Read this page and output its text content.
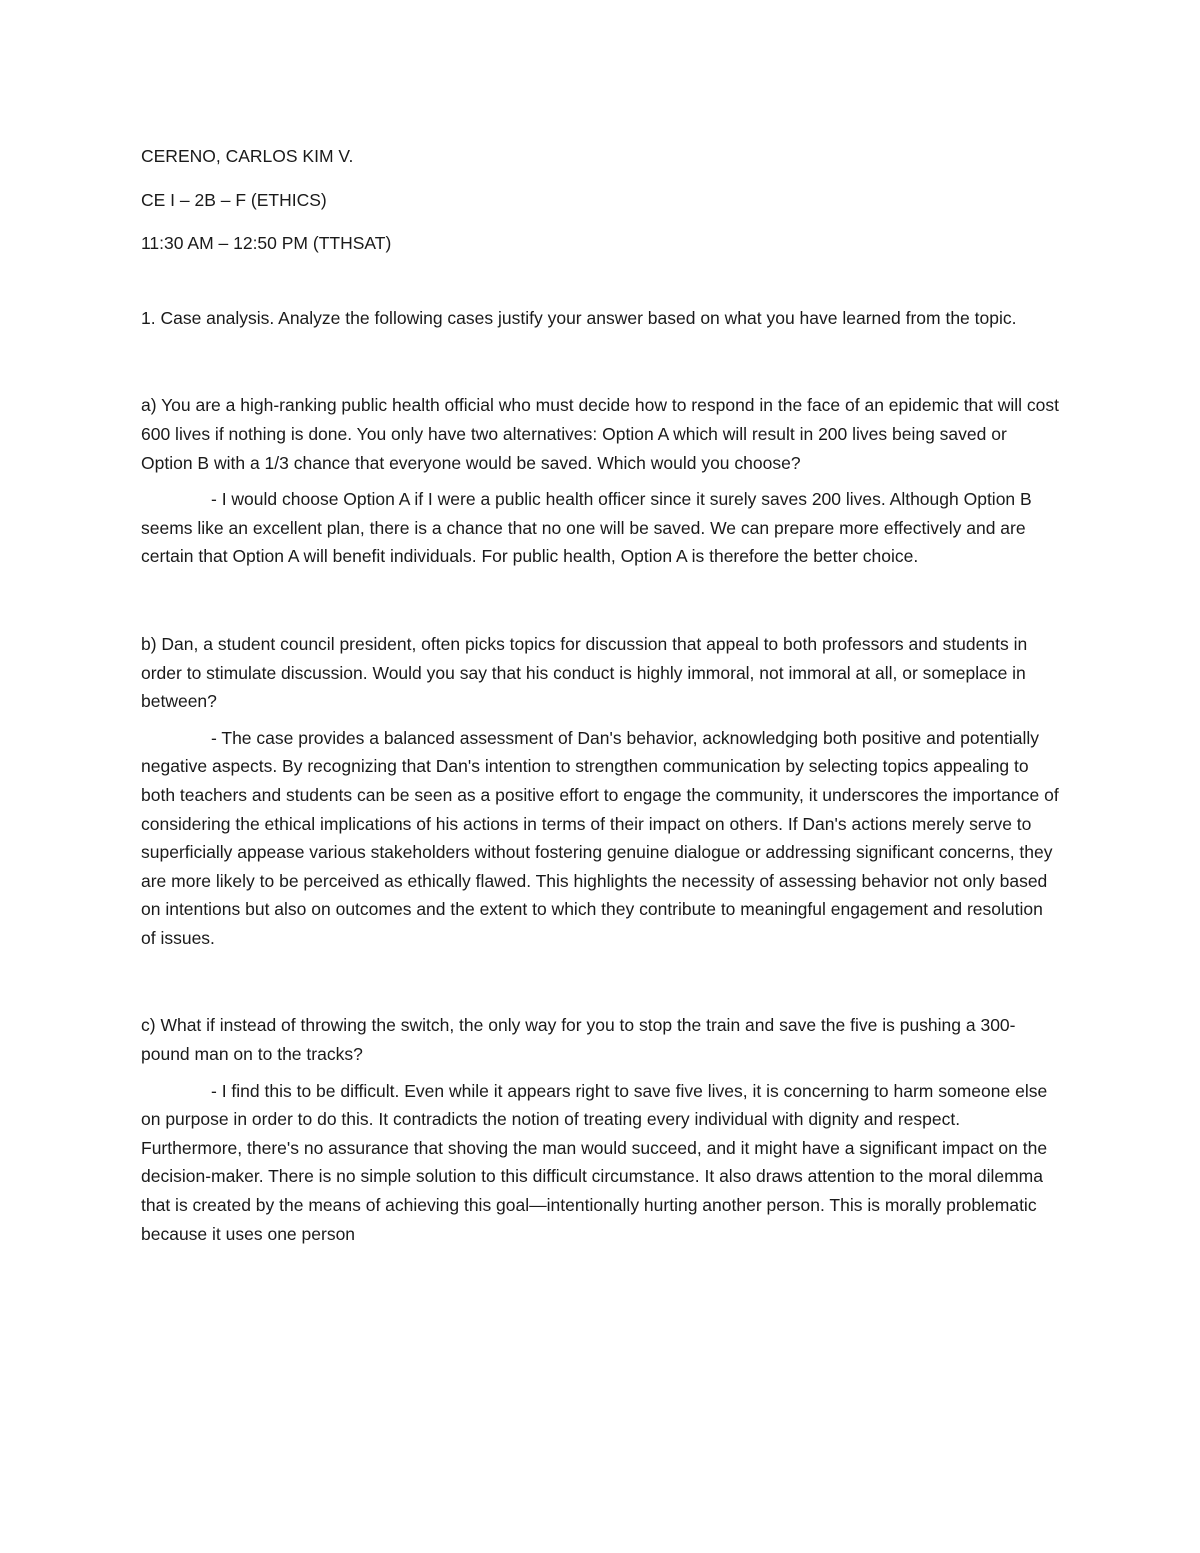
CERENO, CARLOS KIM V.

CE I – 2B – F (ETHICS)

11:30 AM – 12:50 PM (TTHSAT)

1. Case analysis. Analyze the following cases justify your answer based on what you have learned from the topic.

a) You are a high-ranking public health official who must decide how to respond in the face of an epidemic that will cost 600 lives if nothing is done. You only have two alternatives: Option A which will result in 200 lives being saved or Option B with a 1/3 chance that everyone would be saved. Which would you choose?

- I would choose Option A if I were a public health officer since it surely saves 200 lives. Although Option B seems like an excellent plan, there is a chance that no one will be saved. We can prepare more effectively and are certain that Option A will benefit individuals. For public health, Option A is therefore the better choice.

b) Dan, a student council president, often picks topics for discussion that appeal to both professors and students in order to stimulate discussion. Would you say that his conduct is highly immoral, not immoral at all, or someplace in between?

- The case provides a balanced assessment of Dan's behavior, acknowledging both positive and potentially negative aspects. By recognizing that Dan's intention to strengthen communication by selecting topics appealing to both teachers and students can be seen as a positive effort to engage the community, it underscores the importance of considering the ethical implications of his actions in terms of their impact on others. If Dan's actions merely serve to superficially appease various stakeholders without fostering genuine dialogue or addressing significant concerns, they are more likely to be perceived as ethically flawed. This highlights the necessity of assessing behavior not only based on intentions but also on outcomes and the extent to which they contribute to meaningful engagement and resolution of issues.

c) What if instead of throwing the switch, the only way for you to stop the train and save the five is pushing a 300-pound man on to the tracks?

- I find this to be difficult. Even while it appears right to save five lives, it is concerning to harm someone else on purpose in order to do this. It contradicts the notion of treating every individual with dignity and respect. Furthermore, there's no assurance that shoving the man would succeed, and it might have a significant impact on the decision-maker. There is no simple solution to this difficult circumstance. It also draws attention to the moral dilemma that is created by the means of achieving this goal—intentionally hurting another person. This is morally problematic because it uses one person
